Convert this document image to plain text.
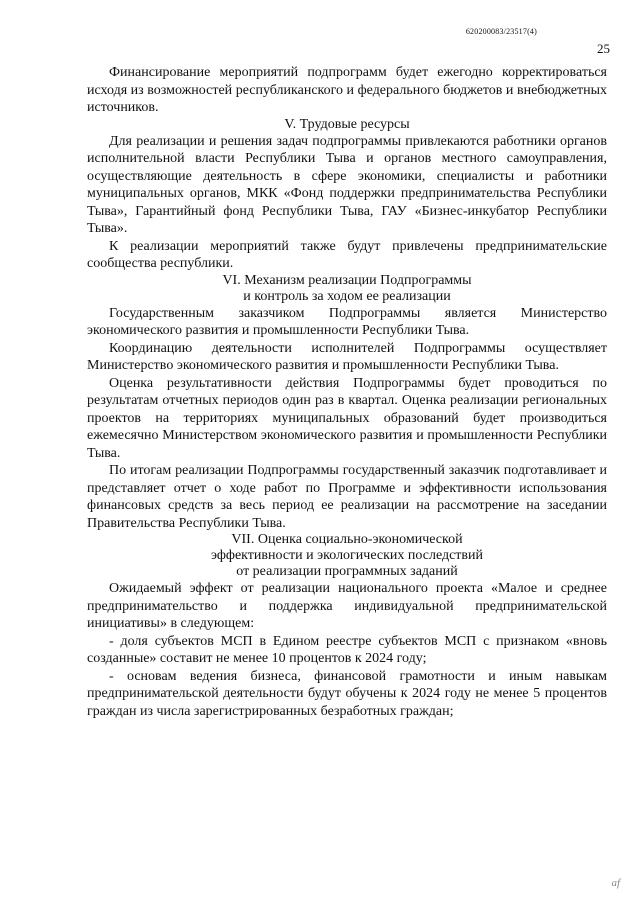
620200083/23517(4)
25

Финансирование мероприятий подпрограмм будет ежегодно корректироваться исходя из возможностей республиканского и федерального бюджетов и внебюджетных источников.

V. Трудовые ресурсы

Для реализации и решения задач подпрограммы привлекаются работники органов исполнительной власти Республики Тыва и органов местного самоуправления, осуществляющие деятельность в сфере экономики, специалисты и работники муниципальных органов, МКК «Фонд поддержки предпринимательства Республики Тыва», Гарантийный фонд Республики Тыва, ГАУ «Бизнес-инкубатор Республики Тыва».

К реализации мероприятий также будут привлечены предпринимательские сообщества республики.

VI. Механизм реализации Подпрограммы
и контроль за ходом ее реализации

Государственным заказчиком Подпрограммы является Министерство экономического развития и промышленности Республики Тыва.

Координацию деятельности исполнителей Подпрограммы осуществляет Министерство экономического развития и промышленности Республики Тыва.

Оценка результативности действия Подпрограммы будет проводиться по результатам отчетных периодов один раз в квартал. Оценка реализации региональных проектов на территориях муниципальных образований будет производиться ежемесячно Министерством экономического развития и промышленности Республики Тыва.

По итогам реализации Подпрограммы государственный заказчик подготавливает и представляет отчет о ходе работ по Программе и эффективности использования финансовых средств за весь период ее реализации на рассмотрение на заседании Правительства Республики Тыва.

VII. Оценка социально-экономической
эффективности и экологических последствий
от реализации программных заданий

Ожидаемый эффект от реализации национального проекта «Малое и среднее предпринимательство и поддержка индивидуальной предпринимательской инициативы» в следующем:

- доля субъектов МСП в Едином реестре субъектов МСП с признаком «вновь созданные» составит не менее 10 процентов к 2024 году;

- основам ведения бизнеса, финансовой грамотности и иным навыкам предпринимательской деятельности будут обучены к 2024 году не менее 5 процентов граждан из числа зарегистрированных безработных граждан;

af
